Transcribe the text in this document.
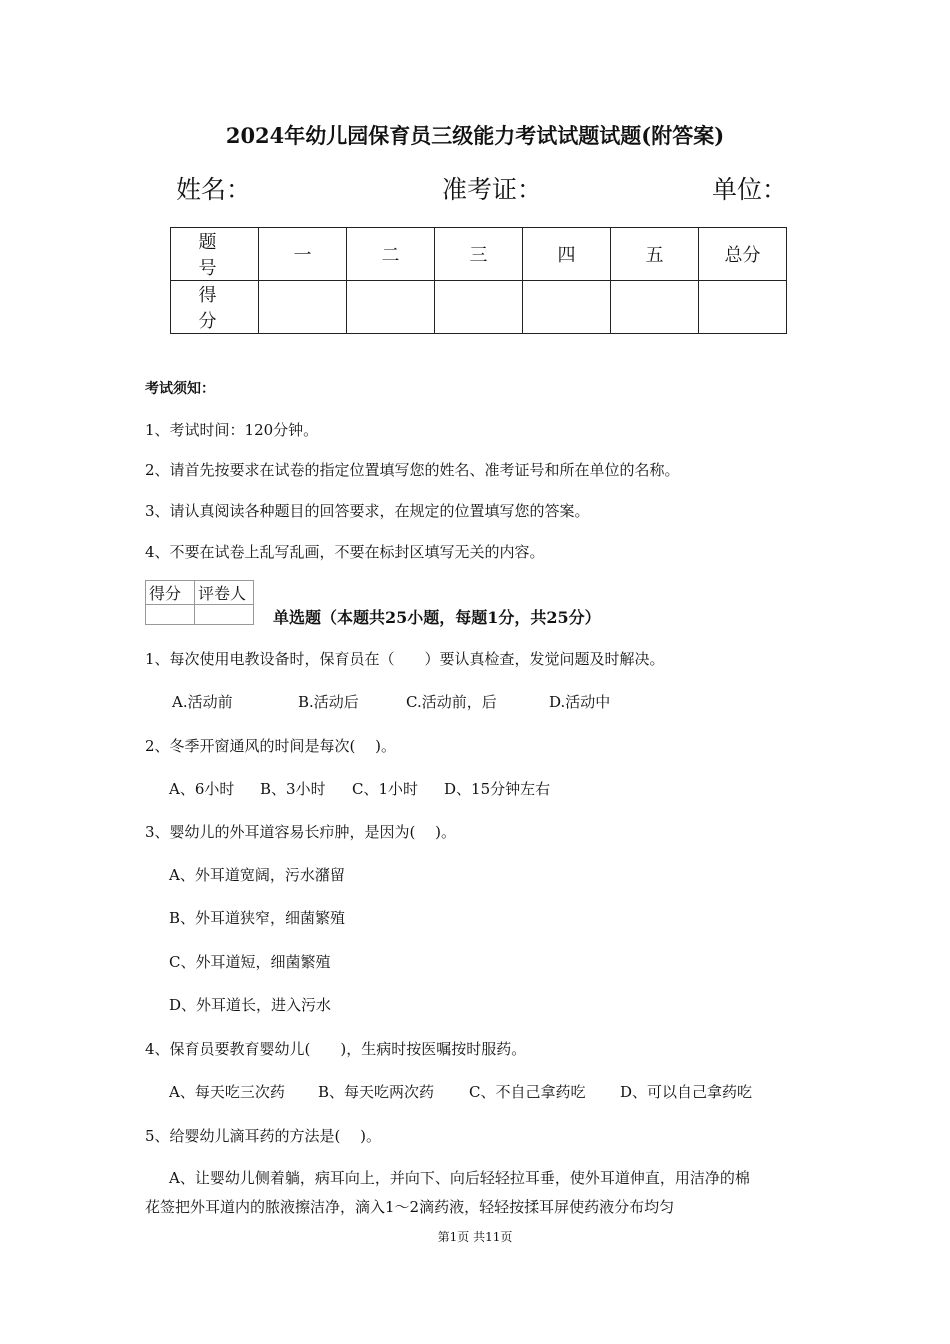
2024年幼儿园保育员三级能力考试试题试题(附答案)
姓名：	准考证：	单位：
题　号	一	二	三	四	五	总分
得　分						
考试须知：
1、考试时间：120分钟。
2、请首先按要求在试卷的指定位置填写您的姓名、准考证号和所在单位的名称。
3、请认真阅读各种题目的回答要求，在规定的位置填写您的答案。
4、不要在试卷上乱写乱画，不要在标封区填写无关的内容。
得分	评卷人

单选题（本题共25小题，每题1分，共25分）
1、每次使用电教设备时，保育员在（　　）要认真检查，发觉问题及时解决。
A.活动前	B.活动后	C.活动前，后	D.活动中
2、冬季开窗通风的时间是每次(　 )。
A、6小时 B、3小时 C、1小时 D、15分钟左右
3、婴幼儿的外耳道容易长疖肿，是因为(　 )。
A、外耳道宽阔，污水潴留
B、外耳道狭窄，细菌繁殖
C、外耳道短，细菌繁殖
D、外耳道长，进入污水
4、保育员要教育婴幼儿(　　)，生病时按医嘱按时服药。
A、每天吃三次药 B、每天吃两次药 C、不自己拿药吃 D、可以自己拿药吃
5、给婴幼儿滴耳药的方法是(　 )。
A、让婴幼儿侧着躺，病耳向上，并向下、向后轻轻拉耳垂，使外耳道伸直，用洁净的棉
花签把外耳道内的脓液擦洁净，滴入1～2滴药液，轻轻按揉耳屏使药液分布均匀
第1页 共11页
